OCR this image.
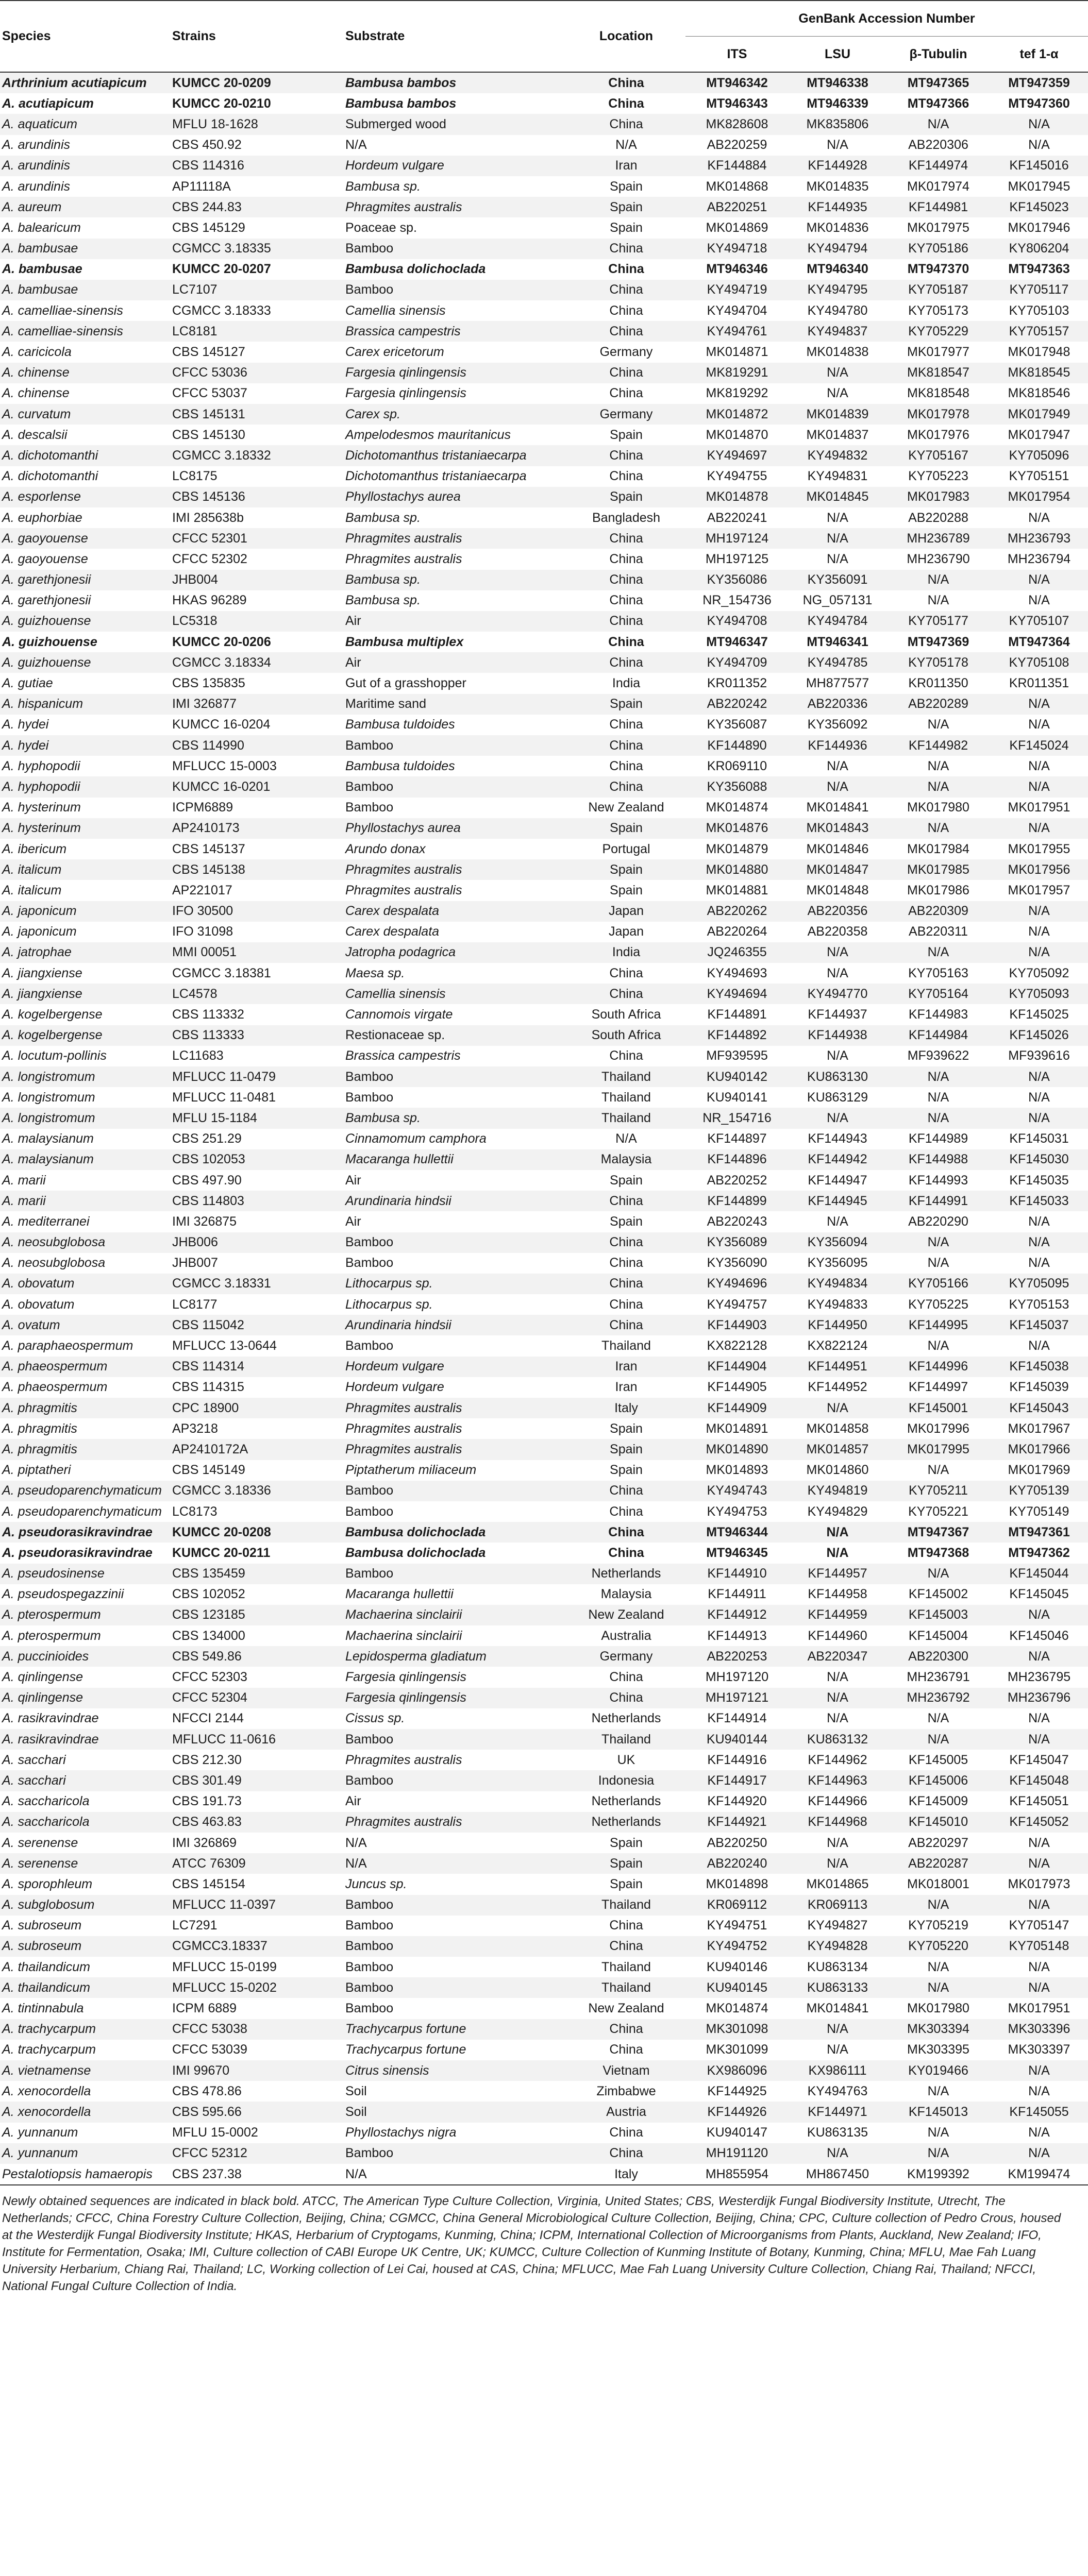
Species	Strains	Substrate	Location	GenBank Accession Number			
				ITS	LSU	β-Tubulin	tef 1-α
Arthrinium acutiapicum	KUMCC 20-0209	Bambusa bambos	China	MT946342	MT946338	MT947365	MT947359
A. acutiapicum	KUMCC 20-0210	Bambusa bambos	China	MT946343	MT946339	MT947366	MT947360
A. aquaticum	MFLU 18-1628	Submerged wood	China	MK828608	MK835806	N/A	N/A
A. arundinis	CBS 450.92	N/A	N/A	AB220259	N/A	AB220306	N/A
A. arundinis	CBS 114316	Hordeum vulgare	Iran	KF144884	KF144928	KF144974	KF145016
A. arundinis	AP11118A	Bambusa sp.	Spain	MK014868	MK014835	MK017974	MK017945
A. aureum	CBS 244.83	Phragmites australis	Spain	AB220251	KF144935	KF144981	KF145023
A. balearicum	CBS 145129	Poaceae sp.	Spain	MK014869	MK014836	MK017975	MK017946
A. bambusae	CGMCC 3.18335	Bamboo	China	KY494718	KY494794	KY705186	KY806204
A. bambusae	KUMCC 20-0207	Bambusa dolichoclada	China	MT946346	MT946340	MT947370	MT947363
A. bambusae	LC7107	Bamboo	China	KY494719	KY494795	KY705187	KY705117
A. camelliae-sinensis	CGMCC 3.18333	Camellia sinensis	China	KY494704	KY494780	KY705173	KY705103
A. camelliae-sinensis	LC8181	Brassica campestris	China	KY494761	KY494837	KY705229	KY705157
A. caricicola	CBS 145127	Carex ericetorum	Germany	MK014871	MK014838	MK017977	MK017948
A. chinense	CFCC 53036	Fargesia qinlingensis	China	MK819291	N/A	MK818547	MK818545
A. chinense	CFCC 53037	Fargesia qinlingensis	China	MK819292	N/A	MK818548	MK818546
A. curvatum	CBS 145131	Carex sp.	Germany	MK014872	MK014839	MK017978	MK017949
A. descalsii	CBS 145130	Ampelodesmos mauritanicus	Spain	MK014870	MK014837	MK017976	MK017947
A. dichotomanthi	CGMCC 3.18332	Dichotomanthus tristaniaecarpa	China	KY494697	KY494832	KY705167	KY705096
A. dichotomanthi	LC8175	Dichotomanthus tristaniaecarpa	China	KY494755	KY494831	KY705223	KY705151
A. esporlense	CBS 145136	Phyllostachys aurea	Spain	MK014878	MK014845	MK017983	MK017954
A. euphorbiae	IMI 285638b	Bambusa sp.	Bangladesh	AB220241	N/A	AB220288	N/A
A. gaoyouense	CFCC 52301	Phragmites australis	China	MH197124	N/A	MH236789	MH236793
A. gaoyouense	CFCC 52302	Phragmites australis	China	MH197125	N/A	MH236790	MH236794
A. garethjonesii	JHB004	Bambusa sp.	China	KY356086	KY356091	N/A	N/A
A. garethjonesii	HKAS 96289	Bambusa sp.	China	NR_154736	NG_057131	N/A	N/A
A. guizhouense	LC5318	Air	China	KY494708	KY494784	KY705177	KY705107
A. guizhouense	KUMCC 20-0206	Bambusa multiplex	China	MT946347	MT946341	MT947369	MT947364
A. guizhouense	CGMCC 3.18334	Air	China	KY494709	KY494785	KY705178	KY705108
A. gutiae	CBS 135835	Gut of a grasshopper	India	KR011352	MH877577	KR011350	KR011351
A. hispanicum	IMI 326877	Maritime sand	Spain	AB220242	AB220336	AB220289	N/A
A. hydei	KUMCC 16-0204	Bambusa tuldoides	China	KY356087	KY356092	N/A	N/A
A. hydei	CBS 114990	Bamboo	China	KF144890	KF144936	KF144982	KF145024
A. hyphopodii	MFLUCC 15-0003	Bambusa tuldoides	China	KR069110	N/A	N/A	N/A
A. hyphopodii	KUMCC 16-0201	Bamboo	China	KY356088	N/A	N/A	N/A
A. hysterinum	ICPM6889	Bamboo	New Zealand	MK014874	MK014841	MK017980	MK017951
A. hysterinum	AP2410173	Phyllostachys aurea	Spain	MK014876	MK014843	N/A	N/A
A. ibericum	CBS 145137	Arundo donax	Portugal	MK014879	MK014846	MK017984	MK017955
A. italicum	CBS 145138	Phragmites australis	Spain	MK014880	MK014847	MK017985	MK017956
A. italicum	AP221017	Phragmites australis	Spain	MK014881	MK014848	MK017986	MK017957
A. japonicum	IFO 30500	Carex despalata	Japan	AB220262	AB220356	AB220309	N/A
A. japonicum	IFO 31098	Carex despalata	Japan	AB220264	AB220358	AB220311	N/A
A. jatrophae	MMI 00051	Jatropha podagrica	India	JQ246355	N/A	N/A	N/A
A. jiangxiense	CGMCC 3.18381	Maesa sp.	China	KY494693	N/A	KY705163	KY705092
A. jiangxiense	LC4578	Camellia sinensis	China	KY494694	KY494770	KY705164	KY705093
A. kogelbergense	CBS 113332	Cannomois virgate	South Africa	KF144891	KF144937	KF144983	KF145025
A. kogelbergense	CBS 113333	Restionaceae sp.	South Africa	KF144892	KF144938	KF144984	KF145026
A. locutum-pollinis	LC11683	Brassica campestris	China	MF939595	N/A	MF939622	MF939616
A. longistromum	MFLUCC 11-0479	Bamboo	Thailand	KU940142	KU863130	N/A	N/A
A. longistromum	MFLUCC 11-0481	Bamboo	Thailand	KU940141	KU863129	N/A	N/A
A. longistromum	MFLU 15-1184	Bambusa sp.	Thailand	NR_154716	N/A	N/A	N/A
A. malaysianum	CBS 251.29	Cinnamomum camphora	N/A	KF144897	KF144943	KF144989	KF145031
A. malaysianum	CBS 102053	Macaranga hullettii	Malaysia	KF144896	KF144942	KF144988	KF145030
A. marii	CBS 497.90	Air	Spain	AB220252	KF144947	KF144993	KF145035
A. marii	CBS 114803	Arundinaria hindsii	China	KF144899	KF144945	KF144991	KF145033
A. mediterranei	IMI 326875	Air	Spain	AB220243	N/A	AB220290	N/A
A. neosubglobosa	JHB006	Bamboo	China	KY356089	KY356094	N/A	N/A
A. neosubglobosa	JHB007	Bamboo	China	KY356090	KY356095	N/A	N/A
A. obovatum	CGMCC 3.18331	Lithocarpus sp.	China	KY494696	KY494834	KY705166	KY705095
A. obovatum	LC8177	Lithocarpus sp.	China	KY494757	KY494833	KY705225	KY705153
A. ovatum	CBS 115042	Arundinaria hindsii	China	KF144903	KF144950	KF144995	KF145037
A. paraphaeospermum	MFLUCC 13-0644	Bamboo	Thailand	KX822128	KX822124	N/A	N/A
A. phaeospermum	CBS 114314	Hordeum vulgare	Iran	KF144904	KF144951	KF144996	KF145038
A. phaeospermum	CBS 114315	Hordeum vulgare	Iran	KF144905	KF144952	KF144997	KF145039
A. phragmitis	CPC 18900	Phragmites australis	Italy	KF144909	N/A	KF145001	KF145043
A. phragmitis	AP3218	Phragmites australis	Spain	MK014891	MK014858	MK017996	MK017967
A. phragmitis	AP2410172A	Phragmites australis	Spain	MK014890	MK014857	MK017995	MK017966
A. piptatheri	CBS 145149	Piptatherum miliaceum	Spain	MK014893	MK014860	N/A	MK017969
A. pseudoparenchymaticum	CGMCC 3.18336	Bamboo	China	KY494743	KY494819	KY705211	KY705139
A. pseudoparenchymaticum	LC8173	Bamboo	China	KY494753	KY494829	KY705221	KY705149
A. pseudorasikravindrae	KUMCC 20-0208	Bambusa dolichoclada	China	MT946344	N/A	MT947367	MT947361
A. pseudorasikravindrae	KUMCC 20-0211	Bambusa dolichoclada	China	MT946345	N/A	MT947368	MT947362
A. pseudosinense	CBS 135459	Bamboo	Netherlands	KF144910	KF144957	N/A	KF145044
A. pseudospegazzinii	CBS 102052	Macaranga hullettii	Malaysia	KF144911	KF144958	KF145002	KF145045
A. pterospermum	CBS 123185	Machaerina sinclairii	New Zealand	KF144912	KF144959	KF145003	N/A
A. pterospermum	CBS 134000	Machaerina sinclairii	Australia	KF144913	KF144960	KF145004	KF145046
A. puccinioides	CBS 549.86	Lepidosperma gladiatum	Germany	AB220253	AB220347	AB220300	N/A
A. qinlingense	CFCC 52303	Fargesia qinlingensis	China	MH197120	N/A	MH236791	MH236795
A. qinlingense	CFCC 52304	Fargesia qinlingensis	China	MH197121	N/A	MH236792	MH236796
A. rasikravindrae	NFCCI 2144	Cissus sp.	Netherlands	KF144914	N/A	N/A	N/A
A. rasikravindrae	MFLUCC 11-0616	Bamboo	Thailand	KU940144	KU863132	N/A	N/A
A. sacchari	CBS 212.30	Phragmites australis	UK	KF144916	KF144962	KF145005	KF145047
A. sacchari	CBS 301.49	Bamboo	Indonesia	KF144917	KF144963	KF145006	KF145048
A. saccharicola	CBS 191.73	Air	Netherlands	KF144920	KF144966	KF145009	KF145051
A. saccharicola	CBS 463.83	Phragmites australis	Netherlands	KF144921	KF144968	KF145010	KF145052
A. serenense	IMI 326869	N/A	Spain	AB220250	N/A	AB220297	N/A
A. serenense	ATCC 76309	N/A	Spain	AB220240	N/A	AB220287	N/A
A. sporophleum	CBS 145154	Juncus sp.	Spain	MK014898	MK014865	MK018001	MK017973
A. subglobosum	MFLUCC 11-0397	Bamboo	Thailand	KR069112	KR069113	N/A	N/A
A. subroseum	LC7291	Bamboo	China	KY494751	KY494827	KY705219	KY705147
A. subroseum	CGMCC3.18337	Bamboo	China	KY494752	KY494828	KY705220	KY705148
A. thailandicum	MFLUCC 15-0199	Bamboo	Thailand	KU940146	KU863134	N/A	N/A
A. thailandicum	MFLUCC 15-0202	Bamboo	Thailand	KU940145	KU863133	N/A	N/A
A. tintinnabula	ICPM 6889	Bamboo	New Zealand	MK014874	MK014841	MK017980	MK017951
A. trachycarpum	CFCC 53038	Trachycarpus fortune	China	MK301098	N/A	MK303394	MK303396
A. trachycarpum	CFCC 53039	Trachycarpus fortune	China	MK301099	N/A	MK303395	MK303397
A. vietnamense	IMI 99670	Citrus sinensis	Vietnam	KX986096	KX986111	KY019466	N/A
A. xenocordella	CBS 478.86	Soil	Zimbabwe	KF144925	KY494763	N/A	N/A
A. xenocordella	CBS 595.66	Soil	Austria	KF144926	KF144971	KF145013	KF145055
A. yunnanum	MFLU 15-0002	Phyllostachys nigra	China	KU940147	KU863135	N/A	N/A
A. yunnanum	CFCC 52312	Bamboo	China	MH191120	N/A	N/A	N/A
Pestalotiopsis hamaeropis	CBS 237.38	N/A	Italy	MH855954	MH867450	KM199392	KM199474
Newly obtained sequences are indicated in black bold. ATCC, The American Type Culture Collection, Virginia, United States; CBS, Westerdijk Fungal Biodiversity Institute, Utrecht, The Netherlands; CFCC, China Forestry Culture Collection, Beijing, China; CGMCC, China General Microbiological Culture Collection, Beijing, China; CPC, Culture collection of Pedro Crous, housed at the Westerdijk Fungal Biodiversity Institute; HKAS, Herbarium of Cryptogams, Kunming, China; ICPM, International Collection of Microorganisms from Plants, Auckland, New Zealand; IFO, Institute for Fermentation, Osaka; IMI, Culture collection of CABI Europe UK Centre, UK; KUMCC, Culture Collection of Kunming Institute of Botany, Kunming, China; MFLU, Mae Fah Luang University Herbarium, Chiang Rai, Thailand; LC, Working collection of Lei Cai, housed at CAS, China; MFLUCC, Mae Fah Luang University Culture Collection, Chiang Rai, Thailand; NFCCI, National Fungal Culture Collection of India.
